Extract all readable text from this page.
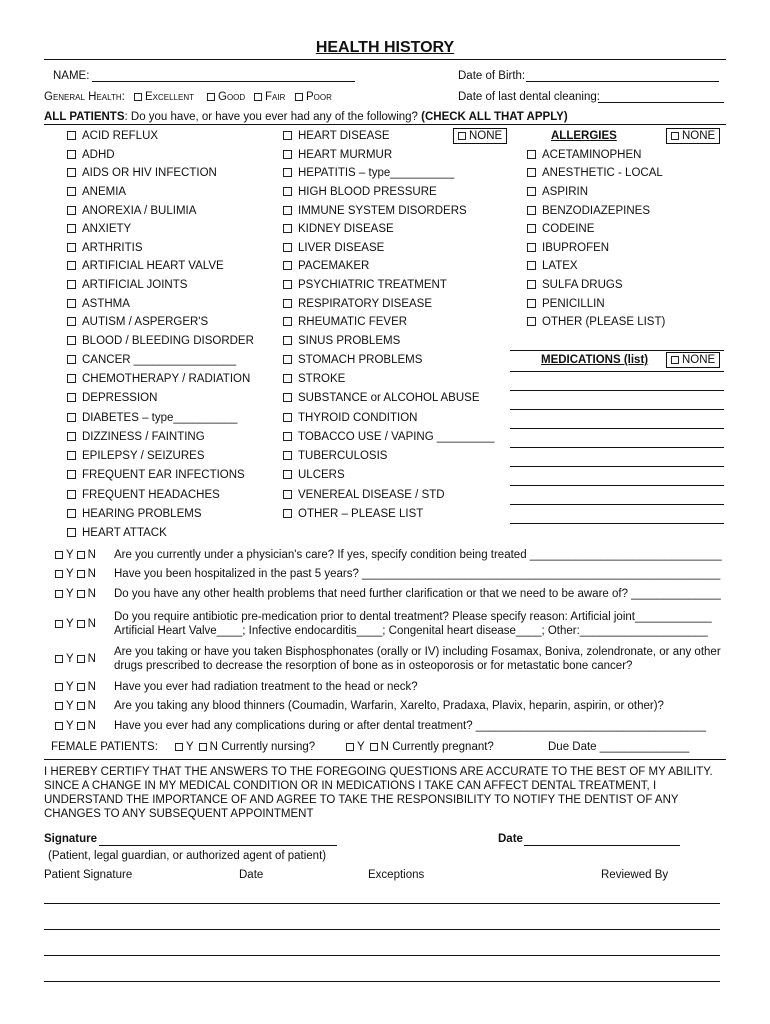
HEALTH HISTORY
NAME:	Date of Birth:
General Health:	Excellent	Good	Fair	Poor	Date of last dental cleaning:
ALL PATIENTS: Do you have, or have you ever had any of the following? (CHECK ALL THAT APPLY)
ACID REFLUX
ADHD
AIDS OR HIV INFECTION
ANEMIA
ANOREXIA / BULIMIA
ANXIETY
ARTHRITIS
ARTIFICIAL HEART VALVE
ARTIFICIAL JOINTS
ASTHMA
AUTISM / ASPERGER'S
BLOOD / BLEEDING DISORDER
CANCER ________________
CHEMOTHERAPY / RADIATION
DEPRESSION
DIABETES – type__________
DIZZINESS / FAINTING
EPILEPSY / SEIZURES
FREQUENT EAR INFECTIONS
FREQUENT HEADACHES
HEARING PROBLEMS
HEART ATTACK
HEART DISEASE
HEART MURMUR
HEPATITIS – type__________
HIGH BLOOD PRESSURE
IMMUNE SYSTEM DISORDERS
KIDNEY DISEASE
LIVER DISEASE
PACEMAKER
PSYCHIATRIC TREATMENT
RESPIRATORY DISEASE
RHEUMATIC FEVER
SINUS PROBLEMS
STOMACH PROBLEMS
STROKE
SUBSTANCE or ALCOHOL ABUSE
THYROID CONDITION
TOBACCO USE / VAPING _________
TUBERCULOSIS
ULCERS
VENEREAL DISEASE / STD
OTHER – PLEASE LIST
NONE	ALLERGIES	NONE
ACETAMINOPHEN
ANESTHETIC - LOCAL
ASPIRIN
BENZODIAZEPINES
CODEINE
IBUPROFEN
LATEX
SULFA DRUGS
PENICILLIN
OTHER (PLEASE LIST)
MEDICATIONS (list)	NONE
Y N Are you currently under a physician's care? If yes, specify condition being treated ______________________________
Y N Have you been hospitalized in the past 5 years? ________________________________________________________
Y N Do you have any other health problems that need further clarification or that we need to be aware of? ______________
Y N
Do you require antibiotic pre-medication prior to dental treatment? Please specify reason: Artificial joint____________
Artificial Heart Valve____; Infective endocarditis____; Congenital heart disease____; Other:____________________
Y N
Are you taking or have you taken Bisphosphonates (orally or IV) including Fosamax, Boniva, zolendronate, or any other
drugs prescribed to decrease the resorption of bone as in osteoporosis or for metastatic bone cancer?
Y N Have you ever had radiation treatment to the head or neck?
Y N Are you taking any blood thinners (Coumadin, Warfarin, Xarelto, Pradaxa, Plavix, heparin, aspirin, or other)?
Y N Have you ever had any complications during or after dental treatment? ____________________________________
FEMALE PATIENTS:	Y N Currently nursing?	Y N Currently pregnant?	Due Date ______________
I HEREBY CERTIFY THAT THE ANSWERS TO THE FOREGOING QUESTIONS ARE ACCURATE TO THE BEST OF MY ABILITY. SINCE A CHANGE IN MY MEDICAL CONDITION OR IN MEDICATIONS I TAKE CAN AFFECT DENTAL TREATMENT, I UNDERSTAND THE IMPORTANCE OF AND AGREE TO TAKE THE RESPONSIBILITY TO NOTIFY THE DENTIST OF ANY CHANGES TO ANY SUBSEQUENT APPOINTMENT
Signature	Date
(Patient, legal guardian, or authorized agent of patient)
Patient Signature	Date	Exceptions	Reviewed By
